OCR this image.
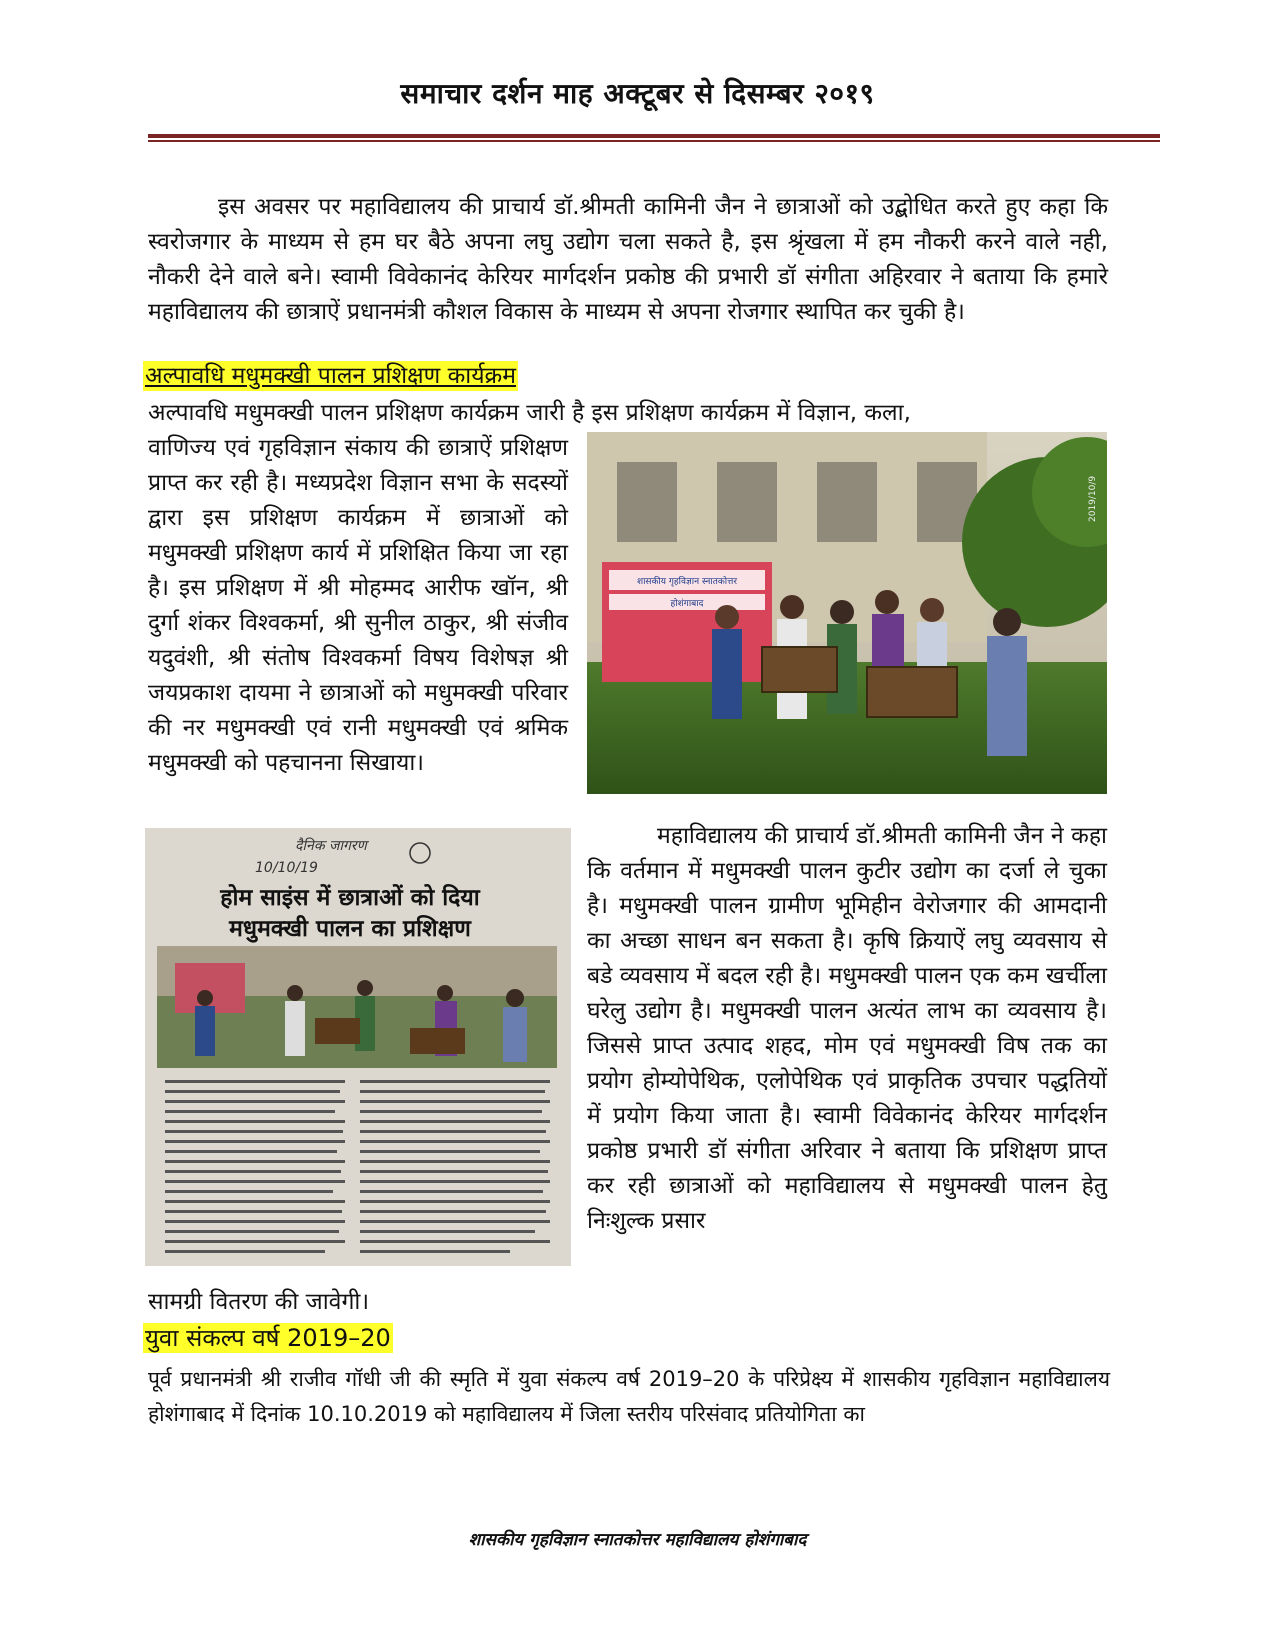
समाचार दर्शन माह अक्टूबर से दिसम्बर २०१९

इस अवसर पर महाविद्यालय की प्राचार्य डॉ.श्रीमती कामिनी जैन ने छात्राओं को उद्बोधित करते हुए कहा कि स्वरोजगार के माध्यम से हम घर बैठे अपना लघु उद्योग चला सकते है, इस श्रृंखला में हम नौकरी करने वाले नही, नौकरी देने वाले बने। स्वामी विवेकानंद केरियर मार्गदर्शन प्रकोष्ठ की प्रभारी डॉ संगीता अहिरवार ने बताया कि हमारे महाविद्यालय की छात्राऐं प्रधानमंत्री कौशल विकास के माध्यम से अपना रोजगार स्थापित कर चुकी है।

अल्पावधि मधुमक्खी पालन प्रशिक्षण कार्यक्रम

अल्पावधि मधुमक्खी पालन प्रशिक्षण कार्यक्रम जारी है इस प्रशिक्षण कार्यक्रम में विज्ञान, कला,

वाणिज्य एवं गृहविज्ञान संकाय की छात्राऐं प्रशिक्षण प्राप्त कर रही है। मध्यप्रदेश विज्ञान सभा के सदस्यों द्वारा इस प्रशिक्षण कार्यक्रम में छात्राओं को मधुमक्खी प्रशिक्षण कार्य में प्रशिक्षित किया जा रहा है। इस प्रशिक्षण में श्री मोहम्मद आरीफ खॉन, श्री दुर्गा शंकर विश्वकर्मा, श्री सुनील ठाकुर, श्री संजीव यदुवंशी, श्री संतोष विश्वकर्मा विषय विशेषज्ञ श्री जयप्रकाश दायमा ने छात्राओं को मधुमक्खी परिवार की नर मधुमक्खी एवं रानी मधुमक्खी एवं श्रमिक मधुमक्खी को पहचानना सिखाया।

शासकीय गृहविज्ञान स्नातकोत्तर
होशंगाबाद
2019/10/9
दैनिक जागरण
10/10/19
होम साइंस में छात्राओं को दिया
मधुमक्खी पालन का प्रशिक्षण

महाविद्यालय की प्राचार्य डॉ.श्रीमती कामिनी जैन ने कहा कि वर्तमान में मधुमक्खी पालन कुटीर उद्योग का दर्जा ले चुका है। मधुमक्खी पालन ग्रामीण भूमिहीन वेरोजगार की आमदानी का अच्छा साधन बन सकता है। कृषि क्रियाऐं लघु व्यवसाय से बडे व्यवसाय में बदल रही है। मधुमक्खी पालन एक कम खर्चीला घरेलु उद्योग है। मधुमक्खी पालन अत्यंत लाभ का व्यवसाय है। जिससे प्राप्त उत्पाद शहद, मोम एवं मधुमक्खी विष तक का प्रयोग होम्योपेथिक, एलोपेथिक एवं प्राकृतिक उपचार पद्धतियों में प्रयोग किया जाता है। स्वामी विवेकानंद केरियर मार्गदर्शन प्रकोष्ठ प्रभारी डॉ संगीता अरिवार ने बताया कि प्रशिक्षण प्राप्त कर रही छात्राओं को महाविद्यालय से मधुमक्खी पालन हेतु निःशुल्क प्रसार

सामग्री वितरण की जावेगी।

युवा संकल्प वर्ष 2019–20

पूर्व प्रधानमंत्री श्री राजीव गॉधी जी की स्मृति में युवा संकल्प वर्ष 2019–20 के परिप्रेक्ष्य में शासकीय गृहविज्ञान महाविद्यालय होशंगाबाद में दिनांक 10.10.2019 को महाविद्यालय में जिला स्तरीय परिसंवाद प्रतियोगिता का

शासकीय गृहविज्ञान स्नातकोत्तर महाविद्यालय होशंगाबाद
